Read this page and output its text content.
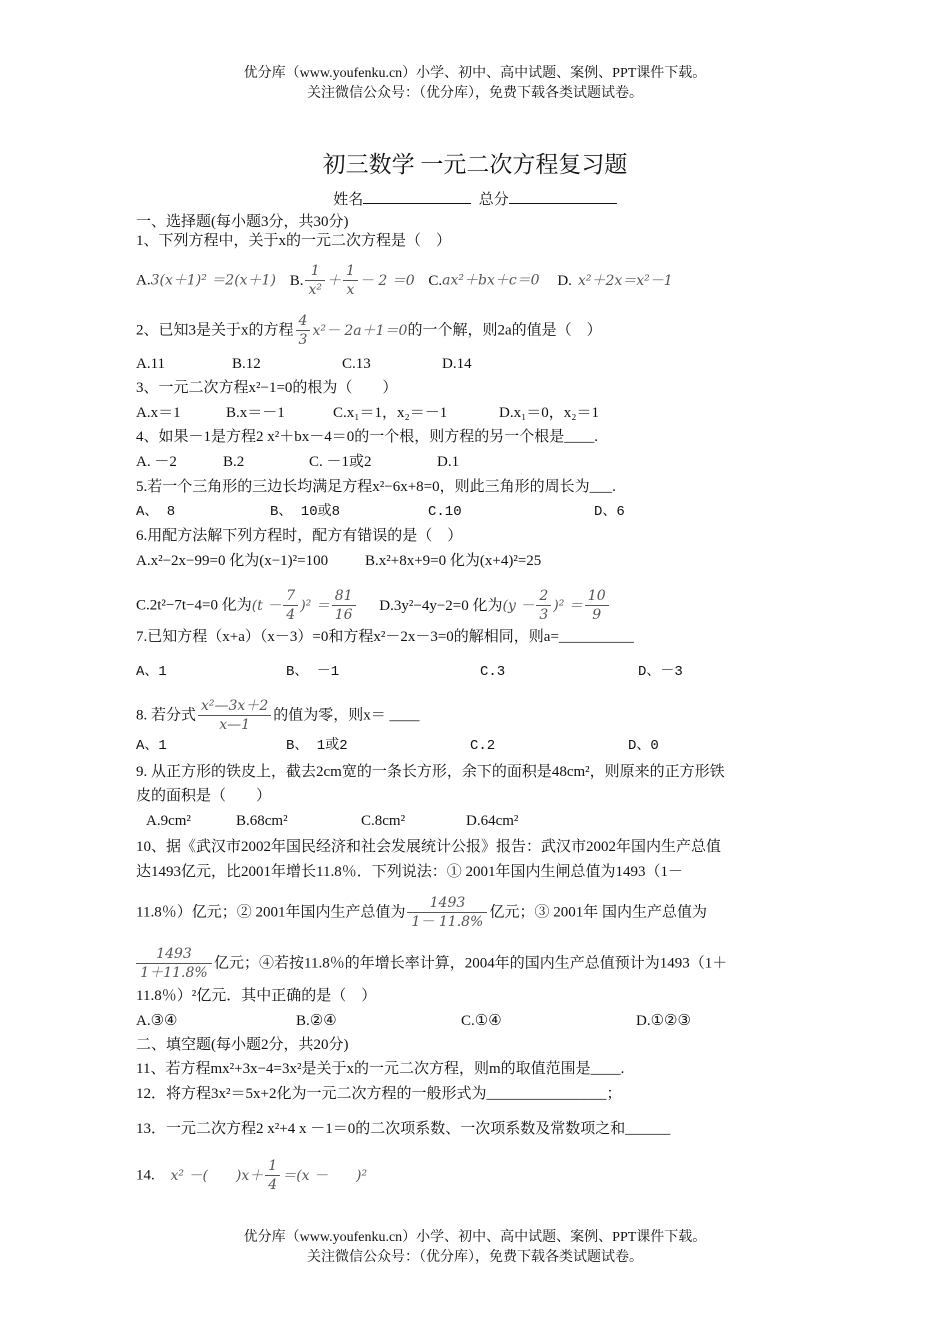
优分库（www.youfenku.cn）小学、初中、高中试题、案例、PPT课件下载。
关注微信公众号：（优分库），免费下载各类试题试卷。
初三数学 一元二次方程复习题
姓名	总分
一、选择题(每小题3分，共30分)
1、下列方程中，关于x的一元二次方程是（　）
A.3(x＋1)² ＝2(x＋1) B. $\frac{1}{\text{x²}} + \frac{1}{x} - 2 =0$ C.ax²＋bx＋c＝0 D. x²＋2x＝x²－1
2、已知3是关于x的方程 $\frac{4}{3} x^2- 2a+1=0$的一个解，则2a的值是（　）
A.11	B.12	C.13	D.14
3、一元二次方程x²−1=0的根为（　　）
A.x＝1	B.x＝－1	C.x₁＝1，x₂＝－1	D.x₁＝0，x₂＝1
4、如果－1是方程2 x²＋bx－4＝0的一个根，则方程的另一个根是____.
A. －2	B.2	C. －1或2	D.1
5.若一个三角形的三边长均满足方程x²−6x+8=0，则此三角形的周长为___.
A、 8	B、 10或8	C.10	D、6
6.用配方法解下列方程时，配方有错误的是（　）
A.x²−2x−99=0 化为(x−1)²=100 B.x²+8x+9=0 化为(x+4)²=25
C.2t²−7t−4=0 化为$(t - \frac{7}{4} )^2 = \frac{81}{16} D.3y^2-4y-2=0$ 化为$(y - \frac{2}{3} )^2 = \frac{10}{9}$
7.已知方程（x+a）（x－3）=0和方程x²－2x－3=0的解相同，则a=__________
A、1	B、 －1	C.3	D、－3
8. 若分式 $\frac{\text{x²—3x＋2}}{x—1}$ 的值为零，则x＝ ____
A、1	B、 1或2	C.2	D、0
9. 从正方形的铁皮上，截去2cm宽的一条长方形，余下的面积是48cm²，则原来的正方形铁
皮的面积是（　　）
A.9cm²	B.68cm²	C.8cm²	D.64cm²
10、据《武汉市2002年国民经济和社会发展统计公报》报告：武汉市2002年国内生产总值
达1493亿元，比2001年增长11.8％．下列说法：① 2001年国内生闸总值为1493（1－
11.8％）亿元；② 2001年国内生产总值为 $\frac{1493}{1- 11.8\%}$ 亿元；③ 2001年 国内生产总值为
$\frac{1493}{1+11.8\%}$ 亿元；④若按11.8％的年增长率计算，2004年的国内生产总值预计为1493（1＋
11.8％）²亿元．其中正确的是（　）
A.③④	B.②④	C.①④	D.①②③
二、填空题(每小题2分，共20分)
11、若方程mx²+3x−4=3x²是关于x的一元二次方程，则m的取值范围是____.
12．将方程3x²＝5x+2化为一元二次方程的一般形式为________________；
13．一元二次方程2 x²+4 x －1＝0的二次项系数、一次项系数及常数项之和______
14. x² －(　　)$x+ \frac{1}{4} =(x$ －　　)²
优分库（www.youfenku.cn）小学、初中、高中试题、案例、PPT课件下载。
关注微信公众号：（优分库），免费下载各类试题试卷。
